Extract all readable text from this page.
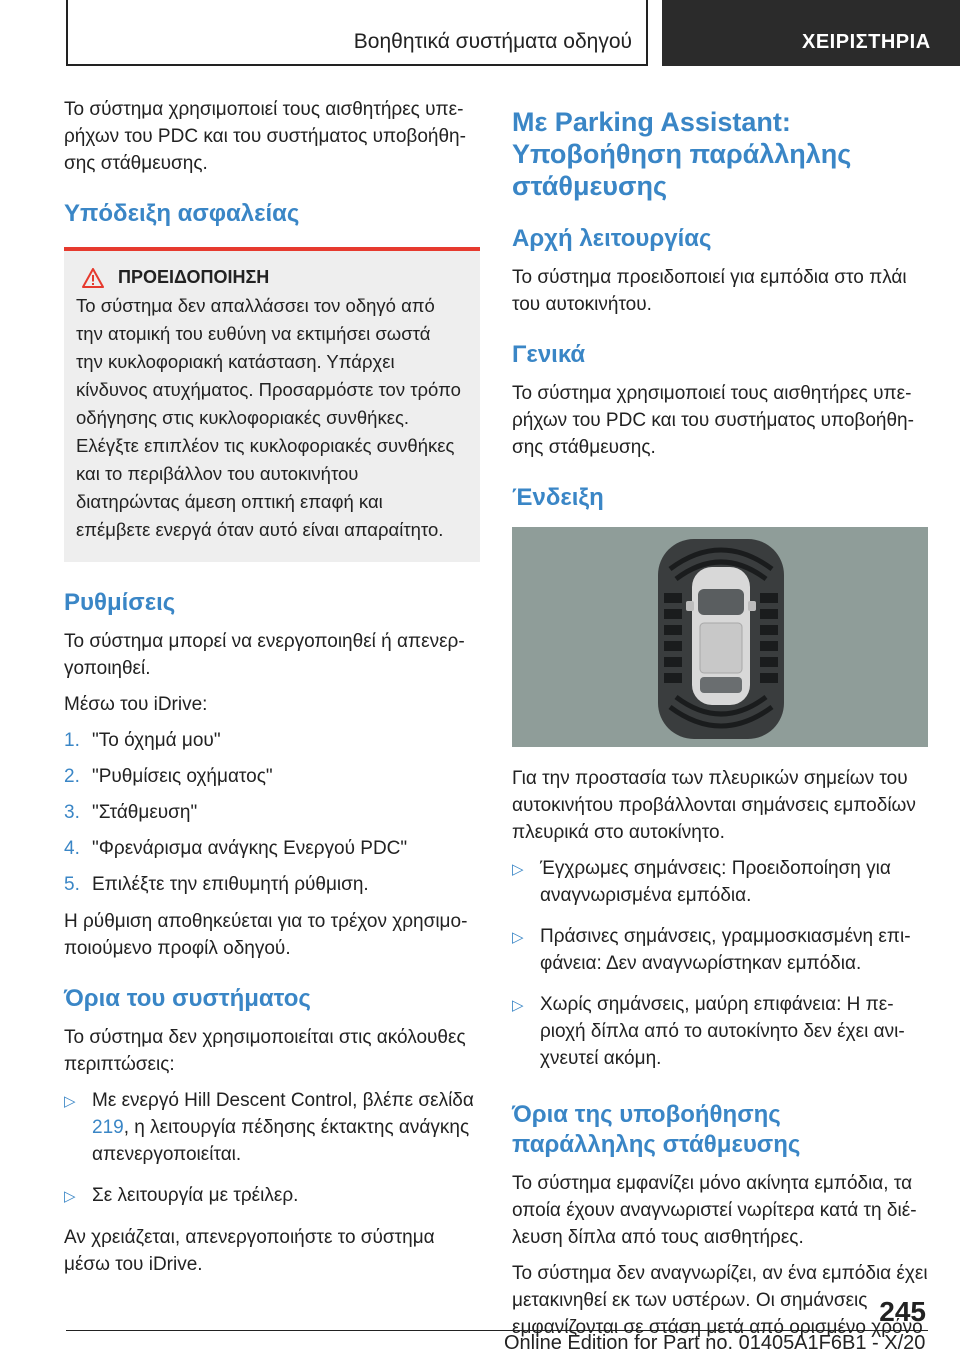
Βοηθητικά συστήματα οδηγού	ΧΕΙΡΙΣΤΗΡΙΑ

Το σύστημα χρησιμοποιεί τους αισθητήρες υπερήχων του PDC και του συστήματος υποβοήθησης στάθμευσης.

Υπόδειξη ασφαλείας
ΠΡΟΕΙΔΟΠΟΙΗΣΗ

Το σύστημα δεν απαλλάσσει τον οδηγό από την ατομική του ευθύνη να εκτιμήσει σωστά την κυκλοφοριακή κατάσταση. Υπάρχει κίνδυνος ατυχήματος. Προσαρμόστε τον τρόπο οδήγησης στις κυκλοφοριακές συνθήκες. Ελέγξτε επιπλέον τις κυκλοφοριακές συνθήκες και το περιβάλλον του αυτοκινήτου διατηρώντας άμεση οπτική επαφή και επέμβετε ενεργά όταν αυτό είναι απαραίτητο.

Ρυθμίσεις

Το σύστημα μπορεί να ενεργοποιηθεί ή απενεργοποιηθεί.

Μέσω του iDrive:

1. "Το όχημά μου"
2. "Ρυθμίσεις οχήματος"
3. "Στάθμευση"
4. "Φρενάρισμα ανάγκης Ενεργού PDC"
5. Επιλέξτε την επιθυμητή ρύθμιση.

Η ρύθμιση αποθηκεύεται για το τρέχον χρησιμοποιούμενο προφίλ οδηγού.

Όρια του συστήματος

Το σύστημα δεν χρησιμοποιείται στις ακόλουθες περιπτώσεις:

▷ Με ενεργό Hill Descent Control, βλέπε σελίδα 219, η λειτουργία πέδησης έκτακτης ανάγκης απενεργοποιείται.
▷ Σε λειτουργία με τρέιλερ.

Αν χρειάζεται, απενεργοποιήστε το σύστημα μέσω του iDrive.

Με Parking Assistant: Υποβοήθηση παράλληλης στάθμευσης
Αρχή λειτουργίας

Το σύστημα προειδοποιεί για εμπόδια στο πλάι του αυτοκινήτου.

Γενικά

Το σύστημα χρησιμοποιεί τους αισθητήρες υπερήχων του PDC και του συστήματος υποβοήθησης στάθμευσης.

Ένδειξη

Για την προστασία των πλευρικών σημείων του αυτοκινήτου προβάλλονται σημάνσεις εμποδίων πλευρικά στο αυτοκίνητο.

▷ Έγχρωμες σημάνσεις: Προειδοποίηση για αναγνωρισμένα εμπόδια.
▷ Πράσινες σημάνσεις, γραμμοσκιασμένη επιφάνεια: Δεν αναγνωρίστηκαν εμπόδια.
▷ Χωρίς σημάνσεις, μαύρη επιφάνεια: Η περιοχή δίπλα από το αυτοκίνητο δεν έχει ανιχνευτεί ακόμη.
Όρια της υποβοήθησης παράλληλης στάθμευσης

Το σύστημα εμφανίζει μόνο ακίνητα εμπόδια, τα οποία έχουν αναγνωριστεί νωρίτερα κατά τη διέλευση δίπλα από τους αισθητήρες.

Το σύστημα δεν αναγνωρίζει, αν ένα εμπόδια έχει μετακινηθεί εκ των υστέρων. Οι σημάνσεις εμφανίζονται σε στάση μετά από ορισμένο χρόνο

245
Online Edition for Part no. 01405A1F6B1 - X/20
